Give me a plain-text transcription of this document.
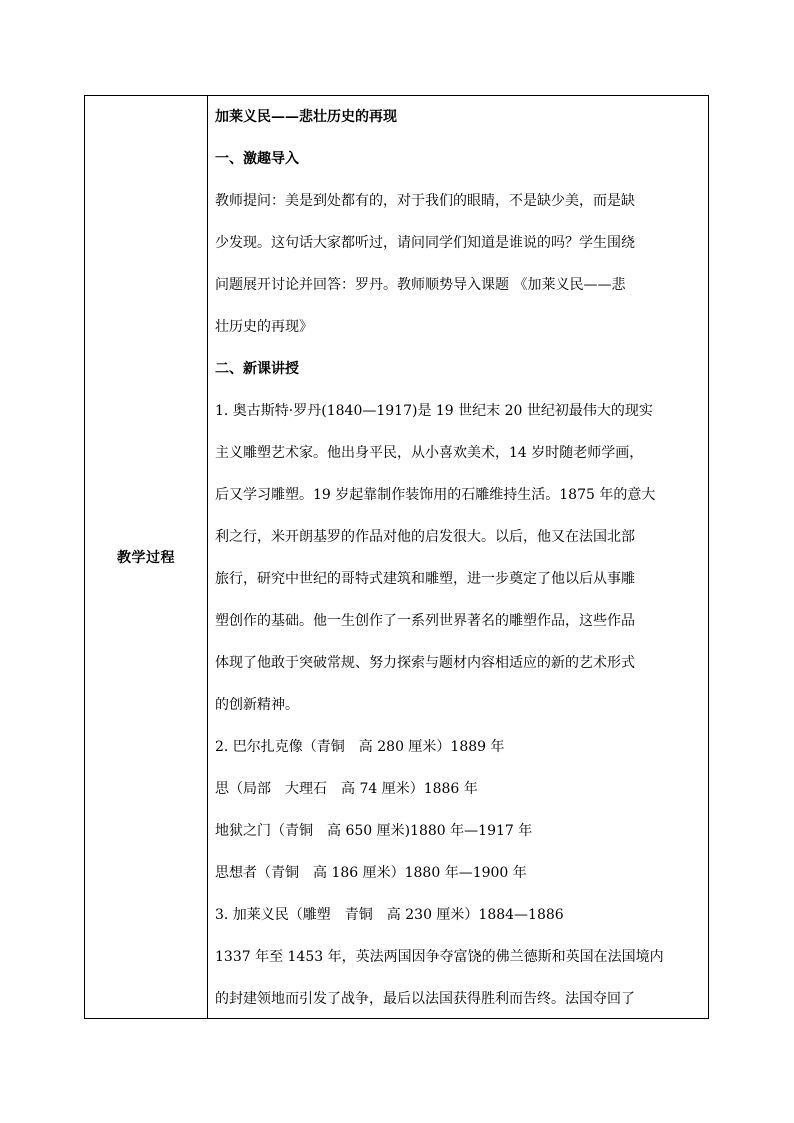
教学过程
加莱义民——悲壮历史的再现
一、激趣导入
教师提问：美是到处都有的，对于我们的眼睛，不是缺少美，而是缺
少发现。这句话大家都听过，请问同学们知道是谁说的吗？学生围绕
问题展开讨论并回答：罗丹。教师顺势导入课题 《加莱义民——悲
壮历史的再现》
二、新课讲授
1. 奥古斯特·罗丹(1840—1917)是 19 世纪末 20 世纪初最伟大的现实
主义雕塑艺术家。他出身平民，从小喜欢美术，14 岁时随老师学画，
后又学习雕塑。19 岁起靠制作装饰用的石雕维持生活。1875 年的意大
利之行，米开朗基罗的作品对他的启发很大。以后，他又在法国北部
旅行，研究中世纪的哥特式建筑和雕塑，进一步奠定了他以后从事雕
塑创作的基础。他一生创作了一系列世界著名的雕塑作品，这些作品
体现了他敢于突破常规、努力探索与题材内容相适应的新的艺术形式
的创新精神。
2. 巴尔扎克像（青铜　高 280 厘米）1889 年
思（局部　大理石　高 74 厘米）1886 年
地狱之门（青铜　高 650 厘米)1880 年—1917 年
思想者（青铜　高 186 厘米）1880 年—1900 年
3. 加莱义民（雕塑　青铜　高 230 厘米）1884—1886
1337 年至 1453 年，英法两国因争夺富饶的佛兰德斯和英国在法国境内
的封建领地而引发了战争，最后以法国获得胜利而告终。法国夺回了
